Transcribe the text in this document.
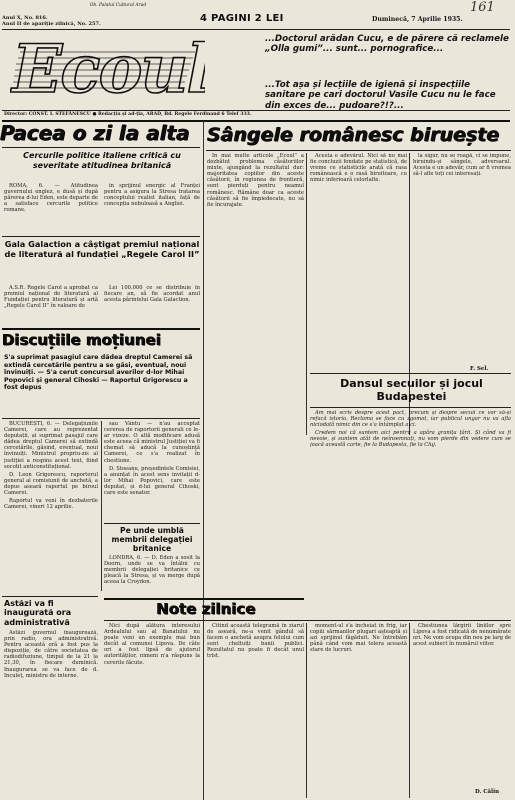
Ob. Palatul Cultural Arad	161
Anul X, No. 816.
Anul II de apariție zilnică, No. 257.	4 PAGINI 2 LEI	Duminecă, 7 Aprilie 1935.
Ecoul	...Doctorul arădan Cucu, e de părere că reclamele „Olla gumi”... sunt... pornografice...
...Tot așa și lecțiile de igienă și inspecțiile sanitare pe cari doctorul Vasile Cucu nu le face din exces de... pudoare?!?...
Director: CONST. I. STEFĂNESCU ● Redacția și ad-ția, ARAD, Bd. Regele Ferdinand 6 Telef 333.
Pacea o zi la alta
Cercurile politice italiene critică cu severitate atitudinea britanică

ROMA, 6. — Atitudinea guvernului englez, e dusă și după părerea d-lui Eden, este departe de a satisface cercurile politice romane.

în sprijinul energic al Franței pentru a asigura la Stresa tratarea conceptului realist italian, față de concepția nebuloasă a Angliei.

Gala Galaction a câștigat premiul național de literatură al fundației „Regele Carol II”

A.S.R. Regele Carol a aprobat ca premiul național de literatură al Fundației pentru literatură și artă „Regele Carol II” în valoare de

Lei 100.000 ce se distribuie în fiecare an, să fie acordat anul acesta părintelui Gala Galaction.

Discuțiile moțiunei
S'a suprimat pasagiul care dădea dreptul Camerei să extindă cercetările pentru a se găsi, eventual, noui învinuiți. — S'a cerut concursul averilor d-lor Mihai Popovici și general Cihoski — Raportul Grigorescu a fost depus

BUCUREȘTI, 6. — Delegațiunile Camerei, care au reprezentat deputații, ai suprimat pasajul care dădea dreptul Camerei să extindă cercetările, găsind, eventual, noui învinuiți. Ministrul propriu-zis al justiției a respins acest text, fiind socotit anticonstituțional.

D. Leon Grigorescu, raportorul general al comisiunii de anchetă, a depus asearâ raportul pe biroul Camerei.

Raportul va veni în dezbaterile Camerei, vineri 12 aprilie.

sau Vântu — n'au acceptat cererea de raportorii generali ce le-ar vizeze. O altă modificare adusă este aceea că ministrul Justiției va fi chemat să aducă la cunoștință Camerei, ce s'a realizat în chestiune.

D. Stoeanu, președintele Comisiei, a anunțat în acest sens invitații d-lor Mihai Popovici, care este deputat, și d-lui general Cihoski, care este senator.

Pe unde umblă membrii delegației britanice

LONDRA, 6. — D. Eden a sosit la Doorn, unde se va întâlni cu membrii delegației britanice ce pleacă la Stresa, și va merge după aceea la Croydon.

Astăzi va fi inaugurată ora administrativă

Astăzi guvernul inaugurează, prin radio, ora administrativă. Pentru această oră a fost pus la dispoziție, de către societatea de radiodifuziune, timpul de la 21 la 21,30, în fiecare duminică. Inaugurarea se va face de d. Inculeț, ministru de interne.

Sângele românesc biruește

În mai multe articole „Ecoul” a dezbătut problema căsătoriilor mixte, ajungând la rezultatul dur: majoritatea copiilor din aceste căsătorii, în regiunea de frontieră, sunt pierduți pentru neamul românesc. Rămâne doar ca aceste căsătorii să fie împiedecate, nu să fie încurajate.

Acesta e adevărul. Nici să nu mai fie concluzii fondate pe statistică, de vreme ce statisticile arată că rasa românească e o rasă biruitoare, cu nimic inferioară celorlalte.

la sigur, nu se roagă, ci se impune, biruindu-și sângele, adversarul. Acesta e un adevăr, cum ar fi vremea să-l afle toți cei interesați.

F. Sel.
Dansul secuilor și jocul Budapestei

Am mai scris despre acest pact, precum și despre secuii ce vor să-și refacă istoria. Reclama se face cu zgomot, iar publicul ungar nu va afla niciodată nimic din ce s'a întâmplat aici.

Credem noi că suntem aici pentru a apăra granița țării. Și când va fi nevoie, și suntem atât de neînsemnați, nu vom pierde din vedere cum se joacă această carte, fie la Budapesta, fie la Cluj.

Note zilnice

Nici după alătura interesului Ardealului sau al Banatului nu poate veni un exemplu mai bun decât al comunei Lipova. De câte ori a fost lipsă de ajutorul autorităților, nimeni n'a răspuns la cererile făcute.

Citind această telegramă în ziarul de aseară, ne-a venit gândul să facem o anchetă asupra felului cum sunt cheltuiți banii publici. Rezultatul nu poate fi decât unul trist.

moment-ul s'a încheiat în frig, iar copiii sărmanilor plugari așteaptă și azi sprijinul făgăduit. Ne întrebăm până când vom mai tolera această stare de lucruri.

Chestiunea lărgirii liniilor spre Lipova a fost ridicată de nenumărate ori. Ne vom ocupa din nou pe larg de acest subiect în numărul viitor.

D. Călin
